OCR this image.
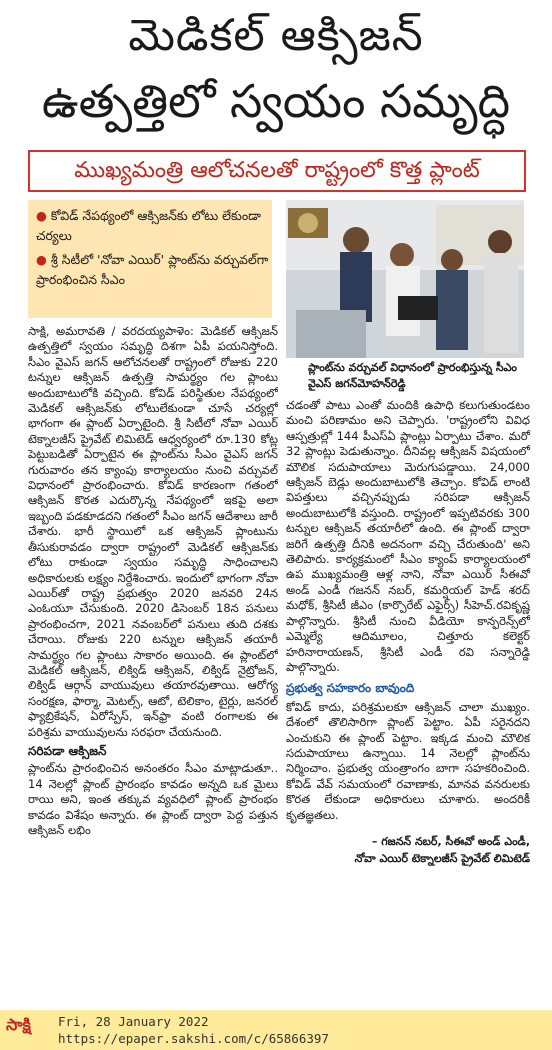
మెడికల్ ఆక్సిజన్
ఉత్పత్తిలో స్వయం సమృద్ధి
ముఖ్యమంత్రి ఆలోచనలతో రాష్ట్రంలో కొత్త ప్లాంట్
● కోవిడ్ నేపథ్యంలో ఆక్సిజన్‌కు లోటు లేకుండా చర్యలు
● శ్రీ సిటీలో 'నోవా ఎయిర్' ప్లాంట్‌ను వర్చువల్‌గా ప్రారంభించిన సీఎం
ప్లాంట్‌ను వర్చువల్ విధానంలో ప్రారంభిస్తున్న సీఎం వైఎస్ జగన్‌మోహన్‌రెడ్డి

సాక్షి, అమరావతి / వరదయ్యపాళెం: మెడికల్ ఆక్సిజన్ ఉత్పత్తిలో స్వయం సమృద్ధి దిశగా ఏపీ పయనిస్తోంది. సీఎం వైఎస్ జగన్ ఆలోచనలతో రాష్ట్రంలో రోజుకు 220 టన్నుల ఆక్సిజన్ ఉత్పత్తి సామర్థ్యం గల ప్లాంటు అందుబాటులోకి వచ్చింది. కోవిడ్ పరిస్థితుల నేపథ్యంలో మెడికల్ ఆక్సిజన్‌కు లోటులేకుండా చూసే చర్యల్లో భాగంగా ఈ ప్లాంట్ ఏర్పాటైంది. శ్రీ సిటీలో నోవా ఎయిర్ టెక్నాలజీస్ ప్రైవేట్ లిమిటెడ్ ఆధ్వర్యంలో రూ.130 కోట్ల పెట్టుబడితో ఏర్పాటైన ఈ ప్లాంట్‌ను సీఎం వైఎస్ జగన్ గురువారం తన క్యాంపు కార్యాలయం నుంచి వర్చువల్ విధానంలో ప్రారంభించారు. కోవిడ్ కారణంగా గతంలో ఆక్సిజన్ కొరత ఎదుర్కొన్న నేపథ్యంలో ఇకపై అలా ఇబ్బంది పడకూడదని గతంలో సీఎం జగన్ ఆదేశాలు జారీ చేశారు. భారీ స్థాయిలో ఒక ఆక్సిజన్ ప్లాంటును తీసుకురావడం ద్వారా రాష్ట్రంలో మెడికల్ ఆక్సిజన్‌కు లోటు రాకుండా స్వయం సమృద్ధి సాధించాలని అధికారులకు లక్ష్యం నిర్దేశించారు. ఇందులో భాగంగా నోవా ఎయిర్‌తో రాష్ట్ర ప్రభుత్వం 2020 జనవరి 24న ఎంఓయూ చేసుకుంది. 2020 డిసెంబర్ 18న పనులు ప్రారంభించగా, 2021 నవంబర్‌లో పనులు తుది దశకు చేరాయి. రోజుకు 220 టన్నుల ఆక్సిజన్ తయారీ సామర్థ్యం గల ప్లాంటు సాకారం అయింది. ఈ ప్లాంట్‌లో మెడికల్ ఆక్సిజన్, లిక్విడ్ ఆక్సిజన్, లిక్విడ్ నైట్రోజన్, లిక్విడ్ ఆర్గాన్ వాయువులు తయారవుతాయి. ఆరోగ్య సంరక్షణ, ఫార్మా, మెటల్స్, ఆటో, టెలికాం, టైర్లు, జనరల్ ఫ్యాబ్రికేషన్, ఏరోస్పేస్, ఇన్‌ఫ్రా వంటి రంగాలకు ఈ పరిశ్రమ వాయువులను సరఫరా చేయనుంది.

సరిపడా ఆక్సిజన్

ప్లాంట్‌ను ప్రారంభించిన అనంతరం సీఎం మాట్లాడుతూ.. 14 నెలల్లో ప్లాంట్ ప్రారంభం కావడం అన్నది ఒక మైలు రాయి అని, ఇంత తక్కువ వ్యవధిలో ప్లాంట్ ప్రారంభం కావడం విశేషం అన్నారు. ఈ ప్లాంట్ ద్వారా పెద్ద పత్తున ఆక్సిజన్ లభిం

చడంతో పాటు ఎంతో మందికి ఉపాధి కలుగుతుండటం మంచి పరిణామం అని చెప్పారు. 'రాష్ట్రంలోని వివిధ ఆస్పత్రుల్లో 144 పీఎస్ఏ ప్లాంట్లు ఏర్పాటు చేశాం. మరో 32 ప్లాంట్లు పెడుతున్నాం. దీనివల్ల ఆక్సిజన్ విషయంలో మౌలిక సదుపాయాలు మెరుగుపడ్డాయి. 24,000 ఆక్సిజన్ బెడ్లు అందుబాటులోకి తెచ్చాం. కోవిడ్ లాంటి విపత్తులు వచ్చినప్పుడు సరిపడా ఆక్సిజన్ అందుబాటులోకి వస్తుంది. రాష్ట్రంలో ఇప్పటివరకు 300 టన్నుల ఆక్సిజన్ తయారీలో ఉంది. ఈ ప్లాంట్ ద్వారా జరిగే ఉత్పత్తి దీనికి అదనంగా వచ్చి చేరుతుంది' అని తెలిపారు. కార్యక్రమంలో సీఎం క్యాంప్ కార్యాలయంలో ఉప ముఖ్యమంత్రి ఆళ్ల నాని, నోవా ఎయిర్ సీఈవో అండ్ ఎండీ గజనన్ నబర్, కమర్షియల్ హెడ్ శరద్ మధోక్, శ్రీసిటీ జీఎం (కార్పొరేట్ ఎఫైర్స్) సీహెచ్.రవికృష్ణ పాల్గొన్నారు. శ్రీసిటీ నుంచి వీడియో కాన్ఫరెన్స్‌లో ఎమ్మెల్యే ఆదిమూలం, చిత్తూరు కలెక్టర్ హరినారాయణన్, శ్రీసిటీ ఎండీ రవి సన్నారెడ్డి పాల్గొన్నారు.

ప్రభుత్వ సహకారం బావుంది

కోవిడ్ కాదు, పరిశ్రమలకూ ఆక్సిజన్ చాలా ముఖ్యం. దేశంలో తొలిసారిగా ప్లాంట్ పెట్టాం. ఏపీ సరైనదని ఎంచుకుని ఈ ప్లాంట్ పెట్టాం. ఇక్కడ మంచి మౌలిక సదుపాయాలు ఉన్నాయి. 14 నెలల్లో ప్లాంట్‌ను నిర్మించాం. ప్రభుత్వ యంత్రాంగం బాగా సహకరించింది. కోవిడ్ వేవ్ సమయంలో రవాణాకు, మానవ వనరులకు కొరత లేకుండా అధికారులు చూశారు. అందరికీ కృతజ్ఞతలు.

– గజనన్ నబర్, సీఈవో అండ్ ఎండీ,
నోవా ఎయిర్ టెక్నాలజీస్ ప్రైవేట్ లిమిటెడ్
సాక్షి	Fri, 28 January 2022
https://epaper.sakshi.com/c/65866397
